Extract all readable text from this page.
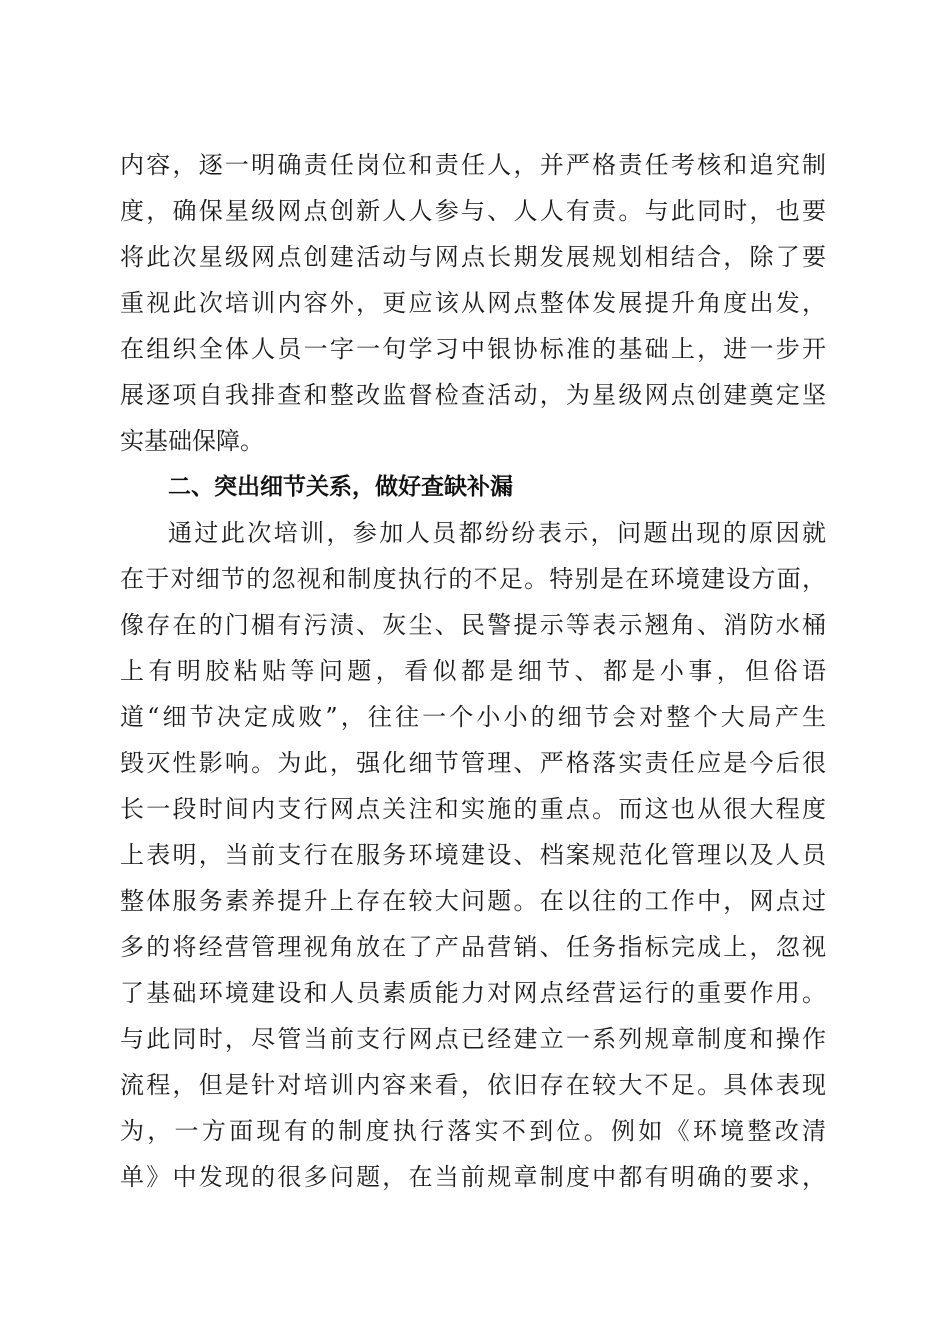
内容，逐一明确责任岗位和责任人，并严格责任考核和追究制
度，确保星级网点创新人人参与、人人有责。与此同时，也要
将此次星级网点创建活动与网点长期发展规划相结合，除了要
重视此次培训内容外，更应该从网点整体发展提升角度出发，
在组织全体人员一字一句学习中银协标准的基础上，进一步开
展逐项自我排查和整改监督检查活动，为星级网点创建奠定坚
实基础保障。
二、突出细节关系，做好查缺补漏
通过此次培训，参加人员都纷纷表示，问题出现的原因就
在于对细节的忽视和制度执行的不足。特别是在环境建设方面，
像存在的门楣有污渍、灰尘、民警提示等表示翘角、消防水桶
上有明胶粘贴等问题，看似都是细节、都是小事，但俗语
道“细节决定成败”，往往一个小小的细节会对整个大局产生
毁灭性影响。为此，强化细节管理、严格落实责任应是今后很
长一段时间内支行网点关注和实施的重点。而这也从很大程度
上表明，当前支行在服务环境建设、档案规范化管理以及人员
整体服务素养提升上存在较大问题。在以往的工作中，网点过
多的将经营管理视角放在了产品营销、任务指标完成上，忽视
了基础环境建设和人员素质能力对网点经营运行的重要作用。
与此同时，尽管当前支行网点已经建立一系列规章制度和操作
流程，但是针对培训内容来看，依旧存在较大不足。具体表现
为，一方面现有的制度执行落实不到位。例如《环境整改清
单》中发现的很多问题，在当前规章制度中都有明确的要求，
